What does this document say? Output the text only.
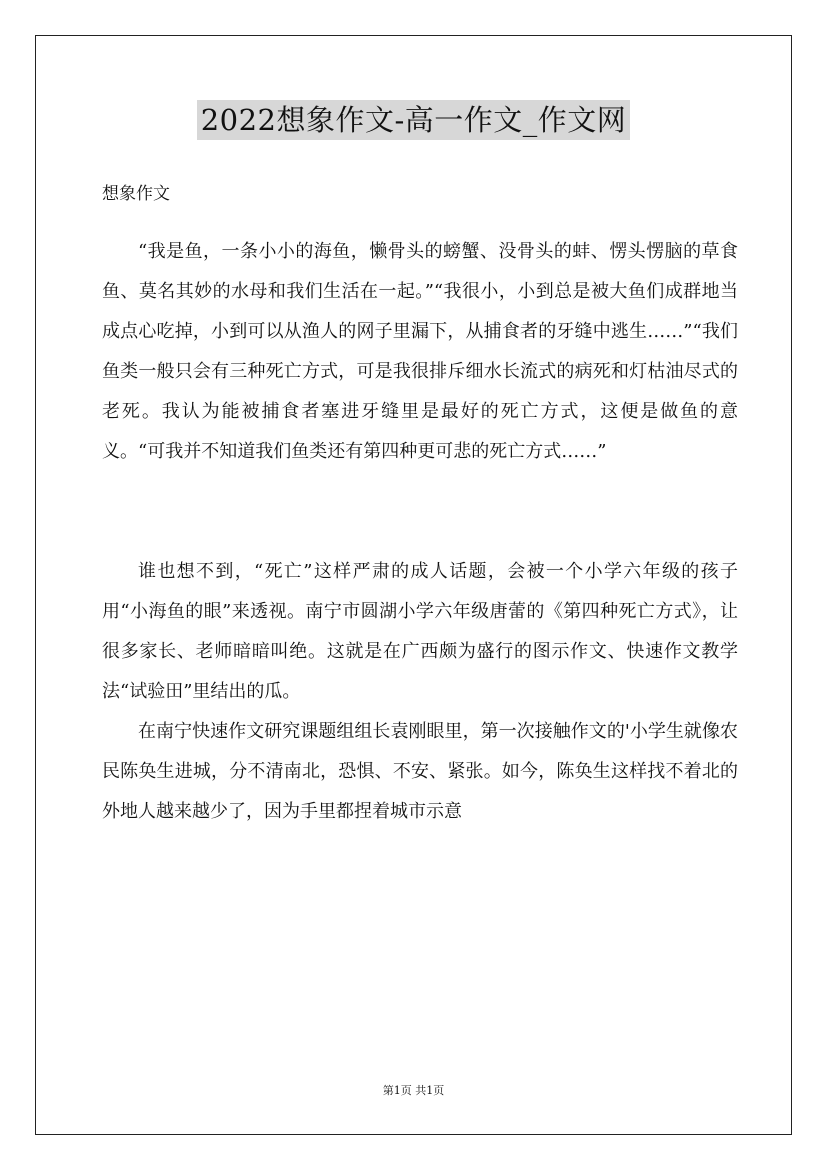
2022想象作文-高一作文_作文网
想象作文

“我是鱼，一条小小的海鱼，懒骨头的螃蟹、没骨头的蚌、愣头愣脑的草食鱼、莫名其妙的水母和我们生活在一起。”“我很小，小到总是被大鱼们成群地当成点心吃掉，小到可以从渔人的网子里漏下，从捕食者的牙缝中逃生……”“我们鱼类一般只会有三种死亡方式，可是我很排斥细水长流式的病死和灯枯油尽式的老死。我认为能被捕食者塞进牙缝里是最好的死亡方式，这便是做鱼的意义。“可我并不知道我们鱼类还有第四种更可悲的死亡方式……”

谁也想不到，“死亡”这样严肃的成人话题，会被一个小学六年级的孩子用“小海鱼的眼”来透视。南宁市圆湖小学六年级唐蕾的《第四种死亡方式》，让很多家长、老师暗暗叫绝。这就是在广西颇为盛行的图示作文、快速作文教学法“试验田”里结出的瓜。

在南宁快速作文研究课题组组长袁刚眼里，第一次接触作文的'小学生就像农民陈奂生进城，分不清南北，恐惧、不安、紧张。如今，陈奂生这样找不着北的外地人越来越少了，因为手里都捏着城市示意

第1页 共1页
